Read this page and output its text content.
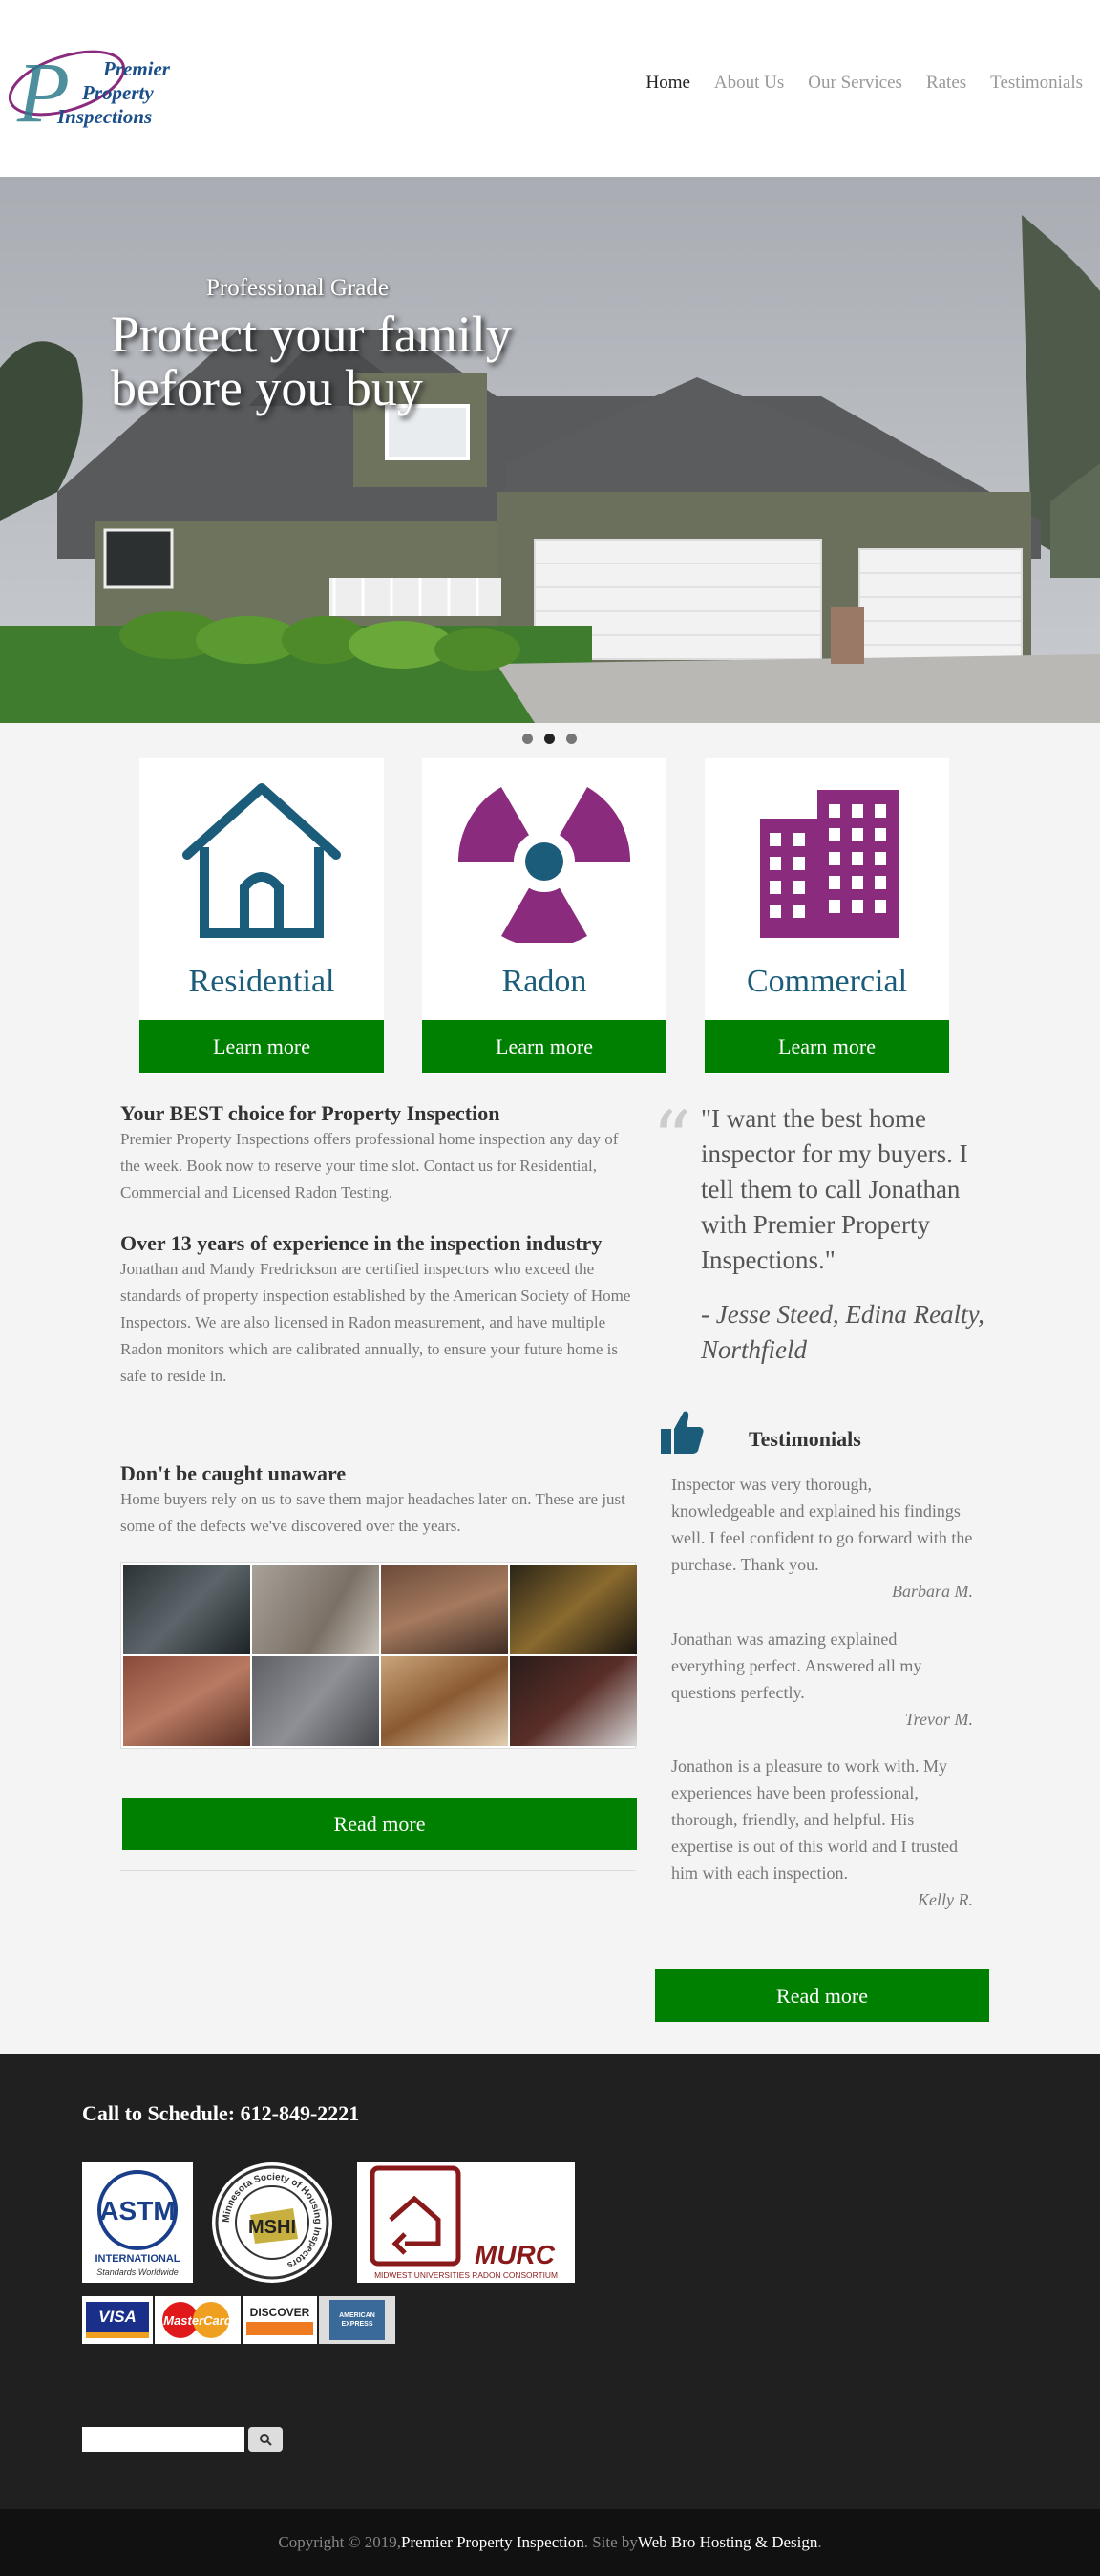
P Premier
Property
Inspections
Home About Us Our Services Rates Testimonials
Professional Grade
Protect your family before you buy
Residential
Learn more
Radon
Learn more
Commercial
Learn more
Your BEST choice for Property Inspection
Premier Property Inspections offers professional home inspection any day of the week. Book now to reserve your time slot. Contact us for Residential, Commercial and Licensed Radon Testing.
Over 13 years of experience in the inspection industry
Jonathan and Mandy Fredrickson are certified inspectors who exceed the standards of property inspection established by the American Society of Home Inspectors. We are also licensed in Radon measurement, and have multiple Radon monitors which are calibrated annually, to ensure your future home is safe to reside in.
Don't be caught unaware
Home buyers rely on us to save them major headaches later on. These are just some of the defects we've discovered over the years.
Read more
“ "I want the best home inspector for my buyers. I tell them to call Jonathan with Premier Property Inspections."
- Jesse Steed, Edina Realty, Northfield
Testimonials
Inspector was very thorough, knowledgeable and explained his findings well. I feel confident to go forward with the purchase. Thank you.
Barbara M.
Jonathan was amazing explained everything perfect. Answered all my questions perfectly.
Trevor M.
Jonathon is a pleasure to work with. My experiences have been professional, thorough, friendly, and helpful. His expertise is out of this world and I trusted him with each inspection.
Kelly R.
Read more
Call to Schedule: 612-849-2221
ASTM
INTERNATIONAL
Standards Worldwide
Minnesota Society of Housing Inspectors
MSHI
MURC
MIDWEST UNIVERSITIES RADON CONSORTIUM
VISA	MasterCard
DISCOVER	AMERICAN EXPRESS
Copyright © 2019, Premier Property Inspection . Site by Web Bro Hosting & Design .
